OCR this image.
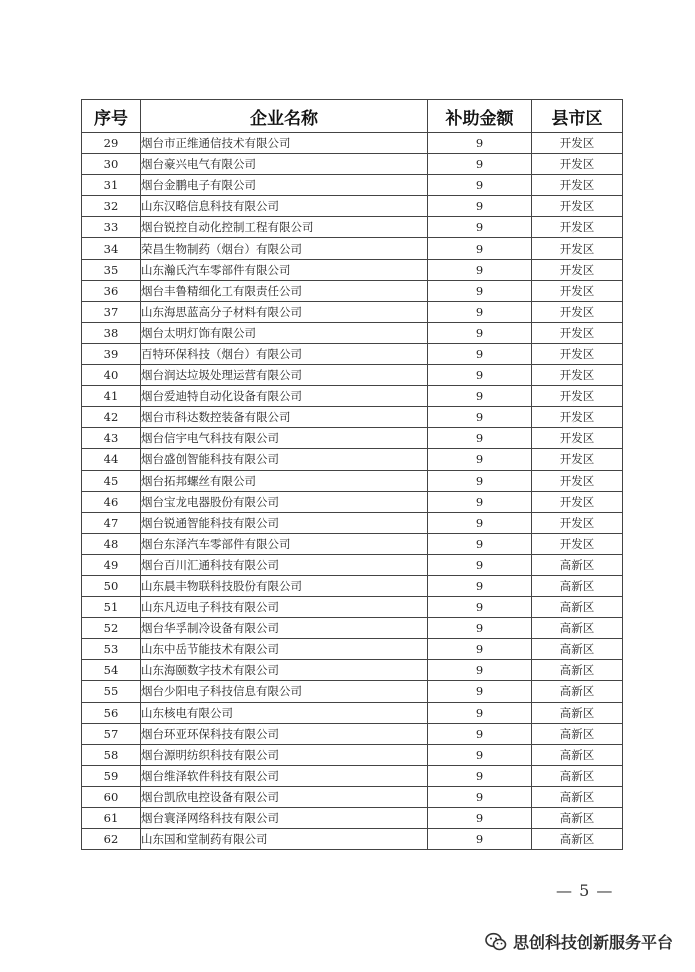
序号	企业名称	补助金额	县市区
29	烟台市正维通信技术有限公司	9	开发区
30	烟台豪兴电气有限公司	9	开发区
31	烟台金鹏电子有限公司	9	开发区
32	山东汉略信息科技有限公司	9	开发区
33	烟台锐控自动化控制工程有限公司	9	开发区
34	荣昌生物制药（烟台）有限公司	9	开发区
35	山东瀚氏汽车零部件有限公司	9	开发区
36	烟台丰鲁精细化工有限责任公司	9	开发区
37	山东海思蓝高分子材料有限公司	9	开发区
38	烟台太明灯饰有限公司	9	开发区
39	百特环保科技（烟台）有限公司	9	开发区
40	烟台润达垃圾处理运营有限公司	9	开发区
41	烟台爱迪特自动化设备有限公司	9	开发区
42	烟台市科达数控装备有限公司	9	开发区
43	烟台信宇电气科技有限公司	9	开发区
44	烟台盛创智能科技有限公司	9	开发区
45	烟台拓邦螺丝有限公司	9	开发区
46	烟台宝龙电器股份有限公司	9	开发区
47	烟台锐通智能科技有限公司	9	开发区
48	烟台东泽汽车零部件有限公司	9	开发区
49	烟台百川汇通科技有限公司	9	高新区
50	山东晨丰物联科技股份有限公司	9	高新区
51	山东凡迈电子科技有限公司	9	高新区
52	烟台华孚制冷设备有限公司	9	高新区
53	山东中岳节能技术有限公司	9	高新区
54	山东海颐数字技术有限公司	9	高新区
55	烟台少阳电子科技信息有限公司	9	高新区
56	山东核电有限公司	9	高新区
57	烟台环亚环保科技有限公司	9	高新区
58	烟台源明纺织科技有限公司	9	高新区
59	烟台维泽软件科技有限公司	9	高新区
60	烟台凯欣电控设备有限公司	9	高新区
61	烟台寰泽网络科技有限公司	9	高新区
62	山东国和堂制药有限公司	9	高新区
— 5 —
思创科技创新服务平台
